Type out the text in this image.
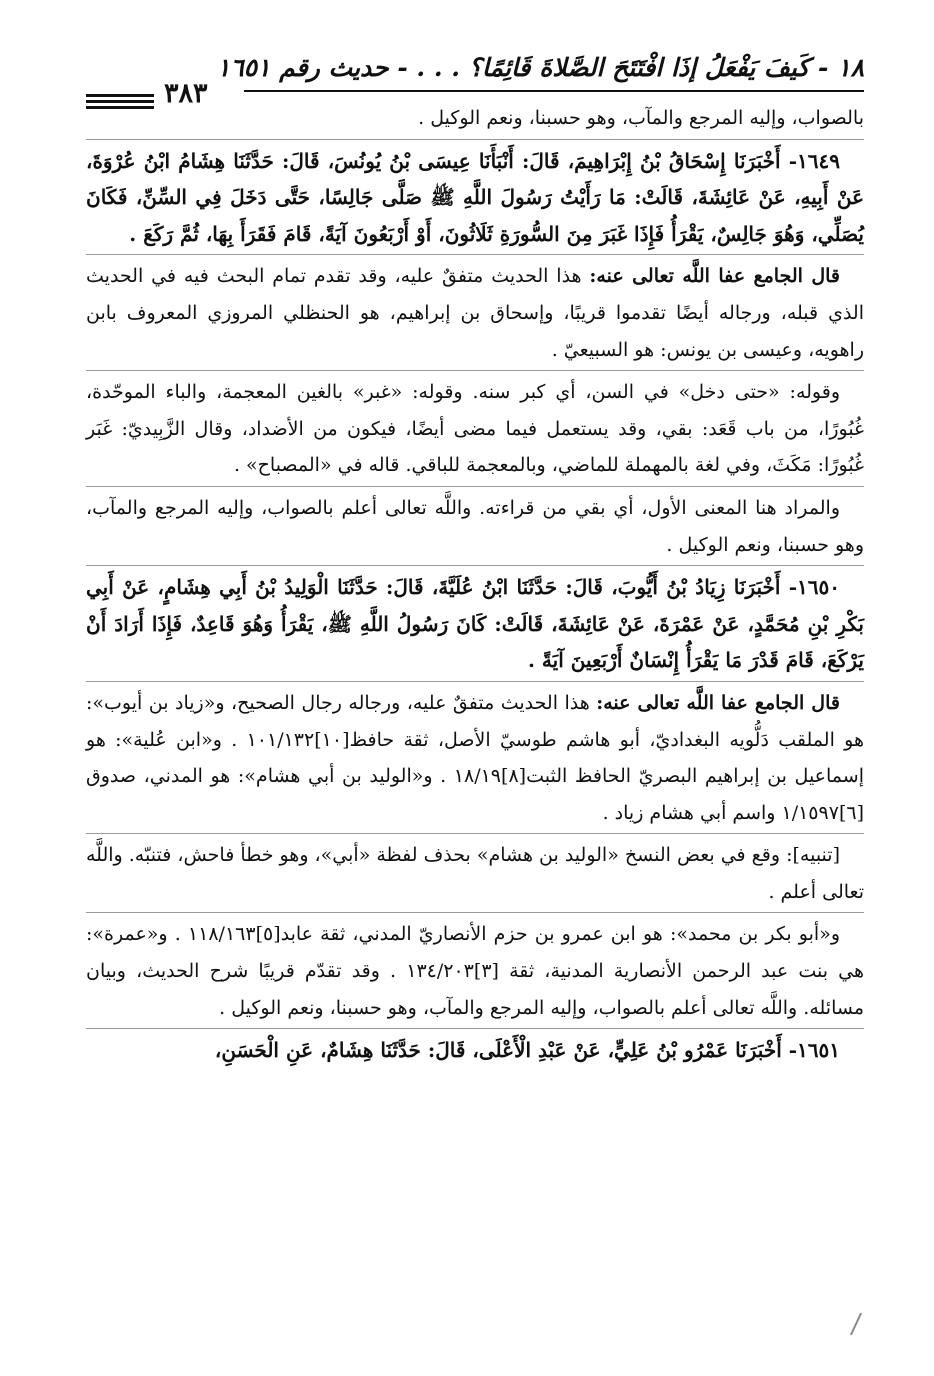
١٨ - كَيفَ يَفْعَلُ إذَا افْتَتَحَ الصَّلاةَ قَائِمًا؟ . . . - حديث رقم ١٦٥١
٣٨٣

بالصواب، وإليه المرجع والمآب، وهو حسبنا، ونعم الوكيل .

١٦٤٩- أَخْبَرَنَا إِسْحَاقُ بْنُ إِبْرَاهِيمَ، قَالَ: أَنْبَأَنَا عِيسَى بْنُ يُونُسَ، قَالَ: حَدَّثَنَا هِشَامُ ابْنُ عُرْوَةَ، عَنْ أَبِيهِ، عَنْ عَائِشَةَ، قَالَتْ: مَا رَأَيْتُ رَسُولَ اللَّهِ ﷺ صَلَّى جَالِسًا، حَتَّى دَخَلَ فِي السِّنِّ، فَكَانَ يُصَلِّي، وَهُوَ جَالِسٌ، يَقْرَأُ فَإِذَا غَبَرَ مِنَ السُّورَةِ ثَلَاثُونَ، أَوْ أَرْبَعُونَ آيَةً، قَامَ فَقَرَأَ بِهَا، ثُمَّ رَكَعَ .

قال الجامع عفا اللَّه تعالى عنه: هذا الحديث متفقٌ عليه، وقد تقدم تمام البحث فيه في الحديث الذي قبله، ورجاله أيضًا تقدموا قريبًا، وإسحاق بن إبراهيم، هو الحنظلي المروزي المعروف بابن راهويه، وعيسى بن يونس: هو السبيعيّ .

وقوله: «حتى دخل» في السن، أي كبر سنه. وقوله: «غبر» بالغين المعجمة، والباء الموحّدة، غُبُورًا، من باب قَعَد: بقي، وقد يستعمل فيما مضى أيضًا، فيكون من الأضداد، وقال الزَّبِيديّ: غَبَر غُبُورًا: مَكَثَ، وفي لغة بالمهملة للماضي، وبالمعجمة للباقي. قاله في «المصباح» .

والمراد هنا المعنى الأول، أي بقي من قراءته. واللَّه تعالى أعلم بالصواب، وإليه المرجع والمآب، وهو حسبنا، ونعم الوكيل .

١٦٥٠- أَخْبَرَنَا زِيَادُ بْنُ أَيُّوبَ، قَالَ: حَدَّثَنَا ابْنُ عُلَيَّةَ، قَالَ: حَدَّثَنَا الْوَلِيدُ بْنُ أَبِي هِشَامٍ، عَنْ أَبِي بَكْرِ بْنِ مُحَمَّدٍ، عَنْ عَمْرَةَ، عَنْ عَائِشَةَ، قَالَتْ: كَانَ رَسُولُ اللَّهِ ﷺ، يَقْرَأُ وَهُوَ قَاعِدٌ، فَإِذَا أَرَادَ أَنْ يَرْكَعَ، قَامَ قَدْرَ مَا يَقْرَأُ إِنْسَانٌ أَرْبَعِينَ آيَةً .

قال الجامع عفا اللَّه تعالى عنه: هذا الحديث متفقٌ عليه، ورجاله رجال الصحيح، و«زياد بن أيوب»: هو الملقب دَلُّويه البغداديّ، أبو هاشم طوسيّ الأصل، ثقة حافظ[١٠]١٠١/١٣٢ . و«ابن عُلية»: هو إسماعيل بن إبراهيم البصريّ الحافظ الثبت[٨]١٨/١٩ . و«الوليد بن أبي هشام»: هو المدني، صدوق [٦]١/١٥٩٧ واسم أبي هشام زياد .

[تنبيه]: وقع في بعض النسخ «الوليد بن هشام» بحذف لفظة «أبي»، وهو خطأ فاحش، فتنبّه. واللَّه تعالى أعلم .

و«أبو بكر بن محمد»: هو ابن عمرو بن حزم الأنصاريّ المدني، ثقة عابد[٥]١١٨/١٦٣ . و«عمرة»: هي بنت عبد الرحمن الأنصارية المدنية، ثقة [٣]١٣٤/٢٠٣ . وقد تقدّم قريبًا شرح الحديث، وبيان مسائله. واللَّه تعالى أعلم بالصواب، وإليه المرجع والمآب، وهو حسبنا، ونعم الوكيل .

١٦٥١- أَخْبَرَنَا عَمْرُو بْنُ عَلِيٍّ، عَنْ عَبْدِ الْأَعْلَى، قَالَ: حَدَّثَنَا هِشَامٌ، عَنِ الْحَسَنِ،
